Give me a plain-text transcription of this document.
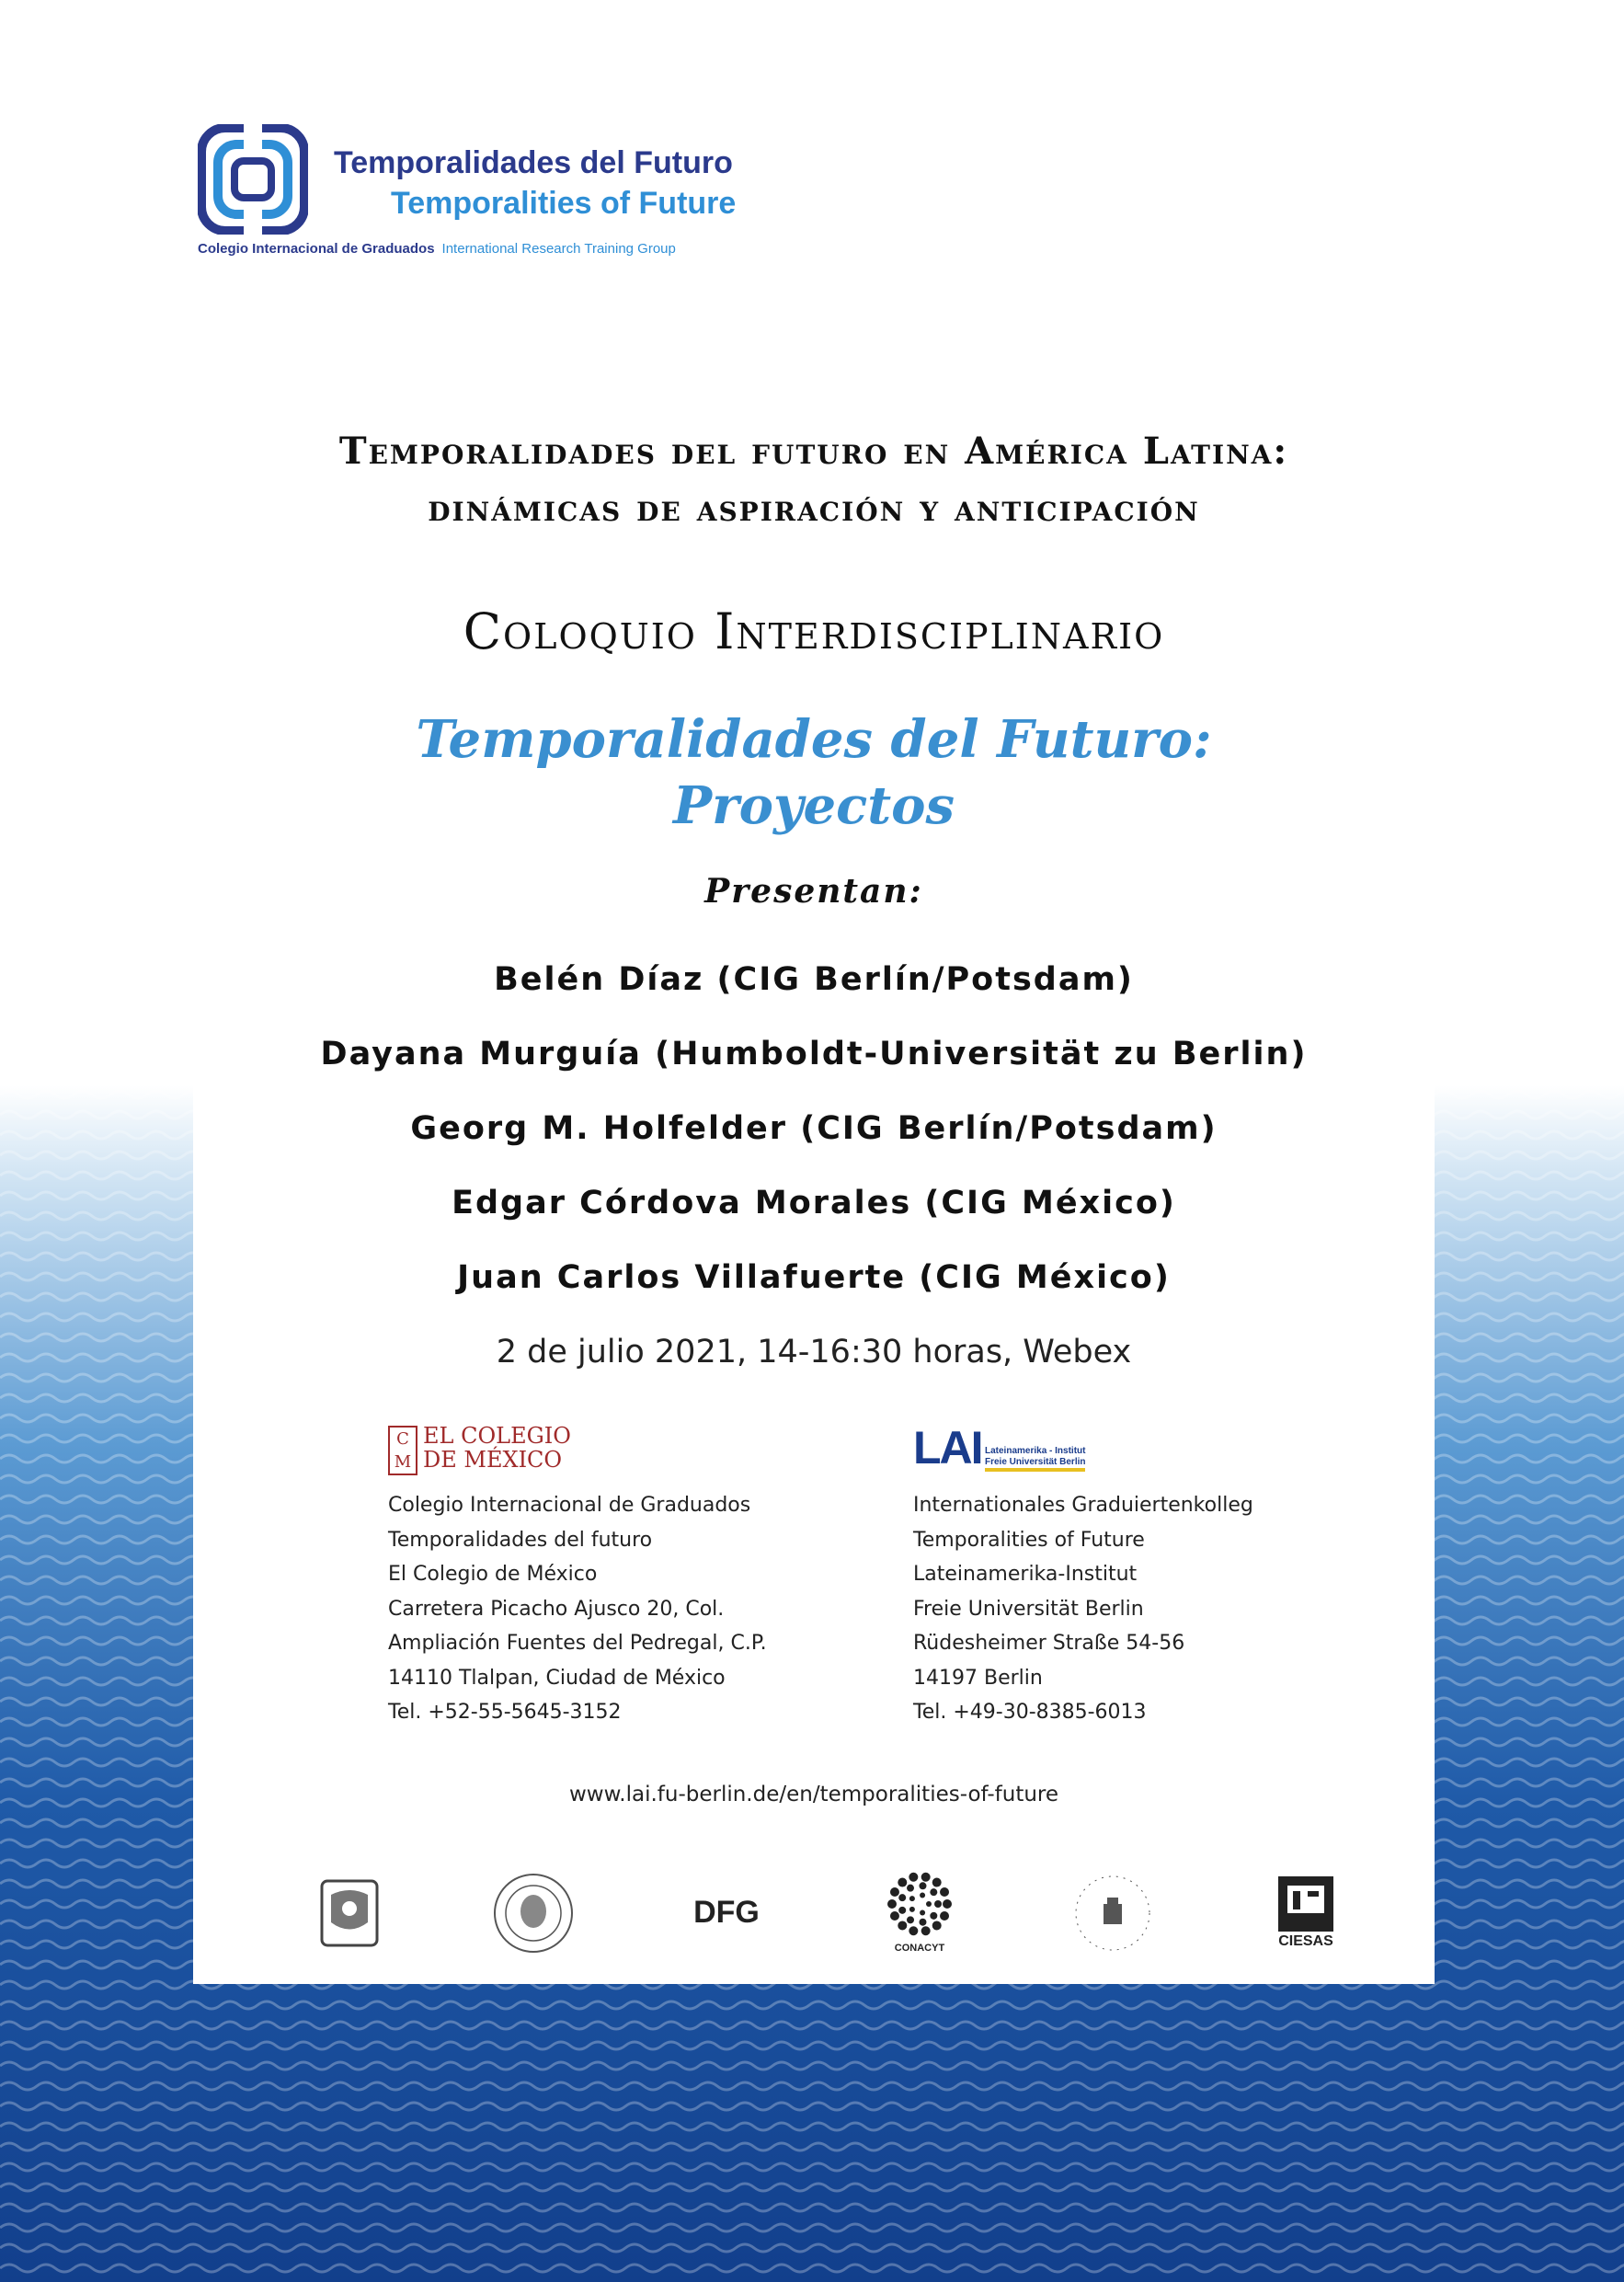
Temporalidades del Futuro
Temporalities of Future
Colegio Internacional de Graduados International Research Training Group
Temporalidades del futuro en América Latina:
dinámicas de aspiración y anticipación
Coloquio Interdisciplinario
Temporalidades del Futuro:
Proyectos
Presentan:
Belén Díaz (CIG Berlín/Potsdam)
Dayana Murguía (Humboldt-Universität zu Berlin)
Georg M. Holfelder (CIG Berlín/Potsdam)
Edgar Córdova Morales (CIG México)
Juan Carlos Villafuerte (CIG México)
2 de julio 2021, 14-16:30 horas, Webex
C
M
EL COLEGIO
DE MÉXICO
Colegio Internacional de Graduados
Temporalidades del futuro
El Colegio de México
Carretera Picacho Ajusco 20, Col.
Ampliación Fuentes del Pedregal, C.P.
14110 Tlalpan, Ciudad de México
Tel. +52-55-5645-3152
LAI Lateinamerika - Institut
Freie Universität Berlin
Internationales Graduiertenkolleg
Temporalities of Future
Lateinamerika-Institut
Freie Universität Berlin
Rüdesheimer Straße 54-56
14197 Berlin
Tel. +49-30-8385-6013
www.lai.fu-berlin.de/en/temporalities-of-future
DFG
CONACYT	CIESAS
